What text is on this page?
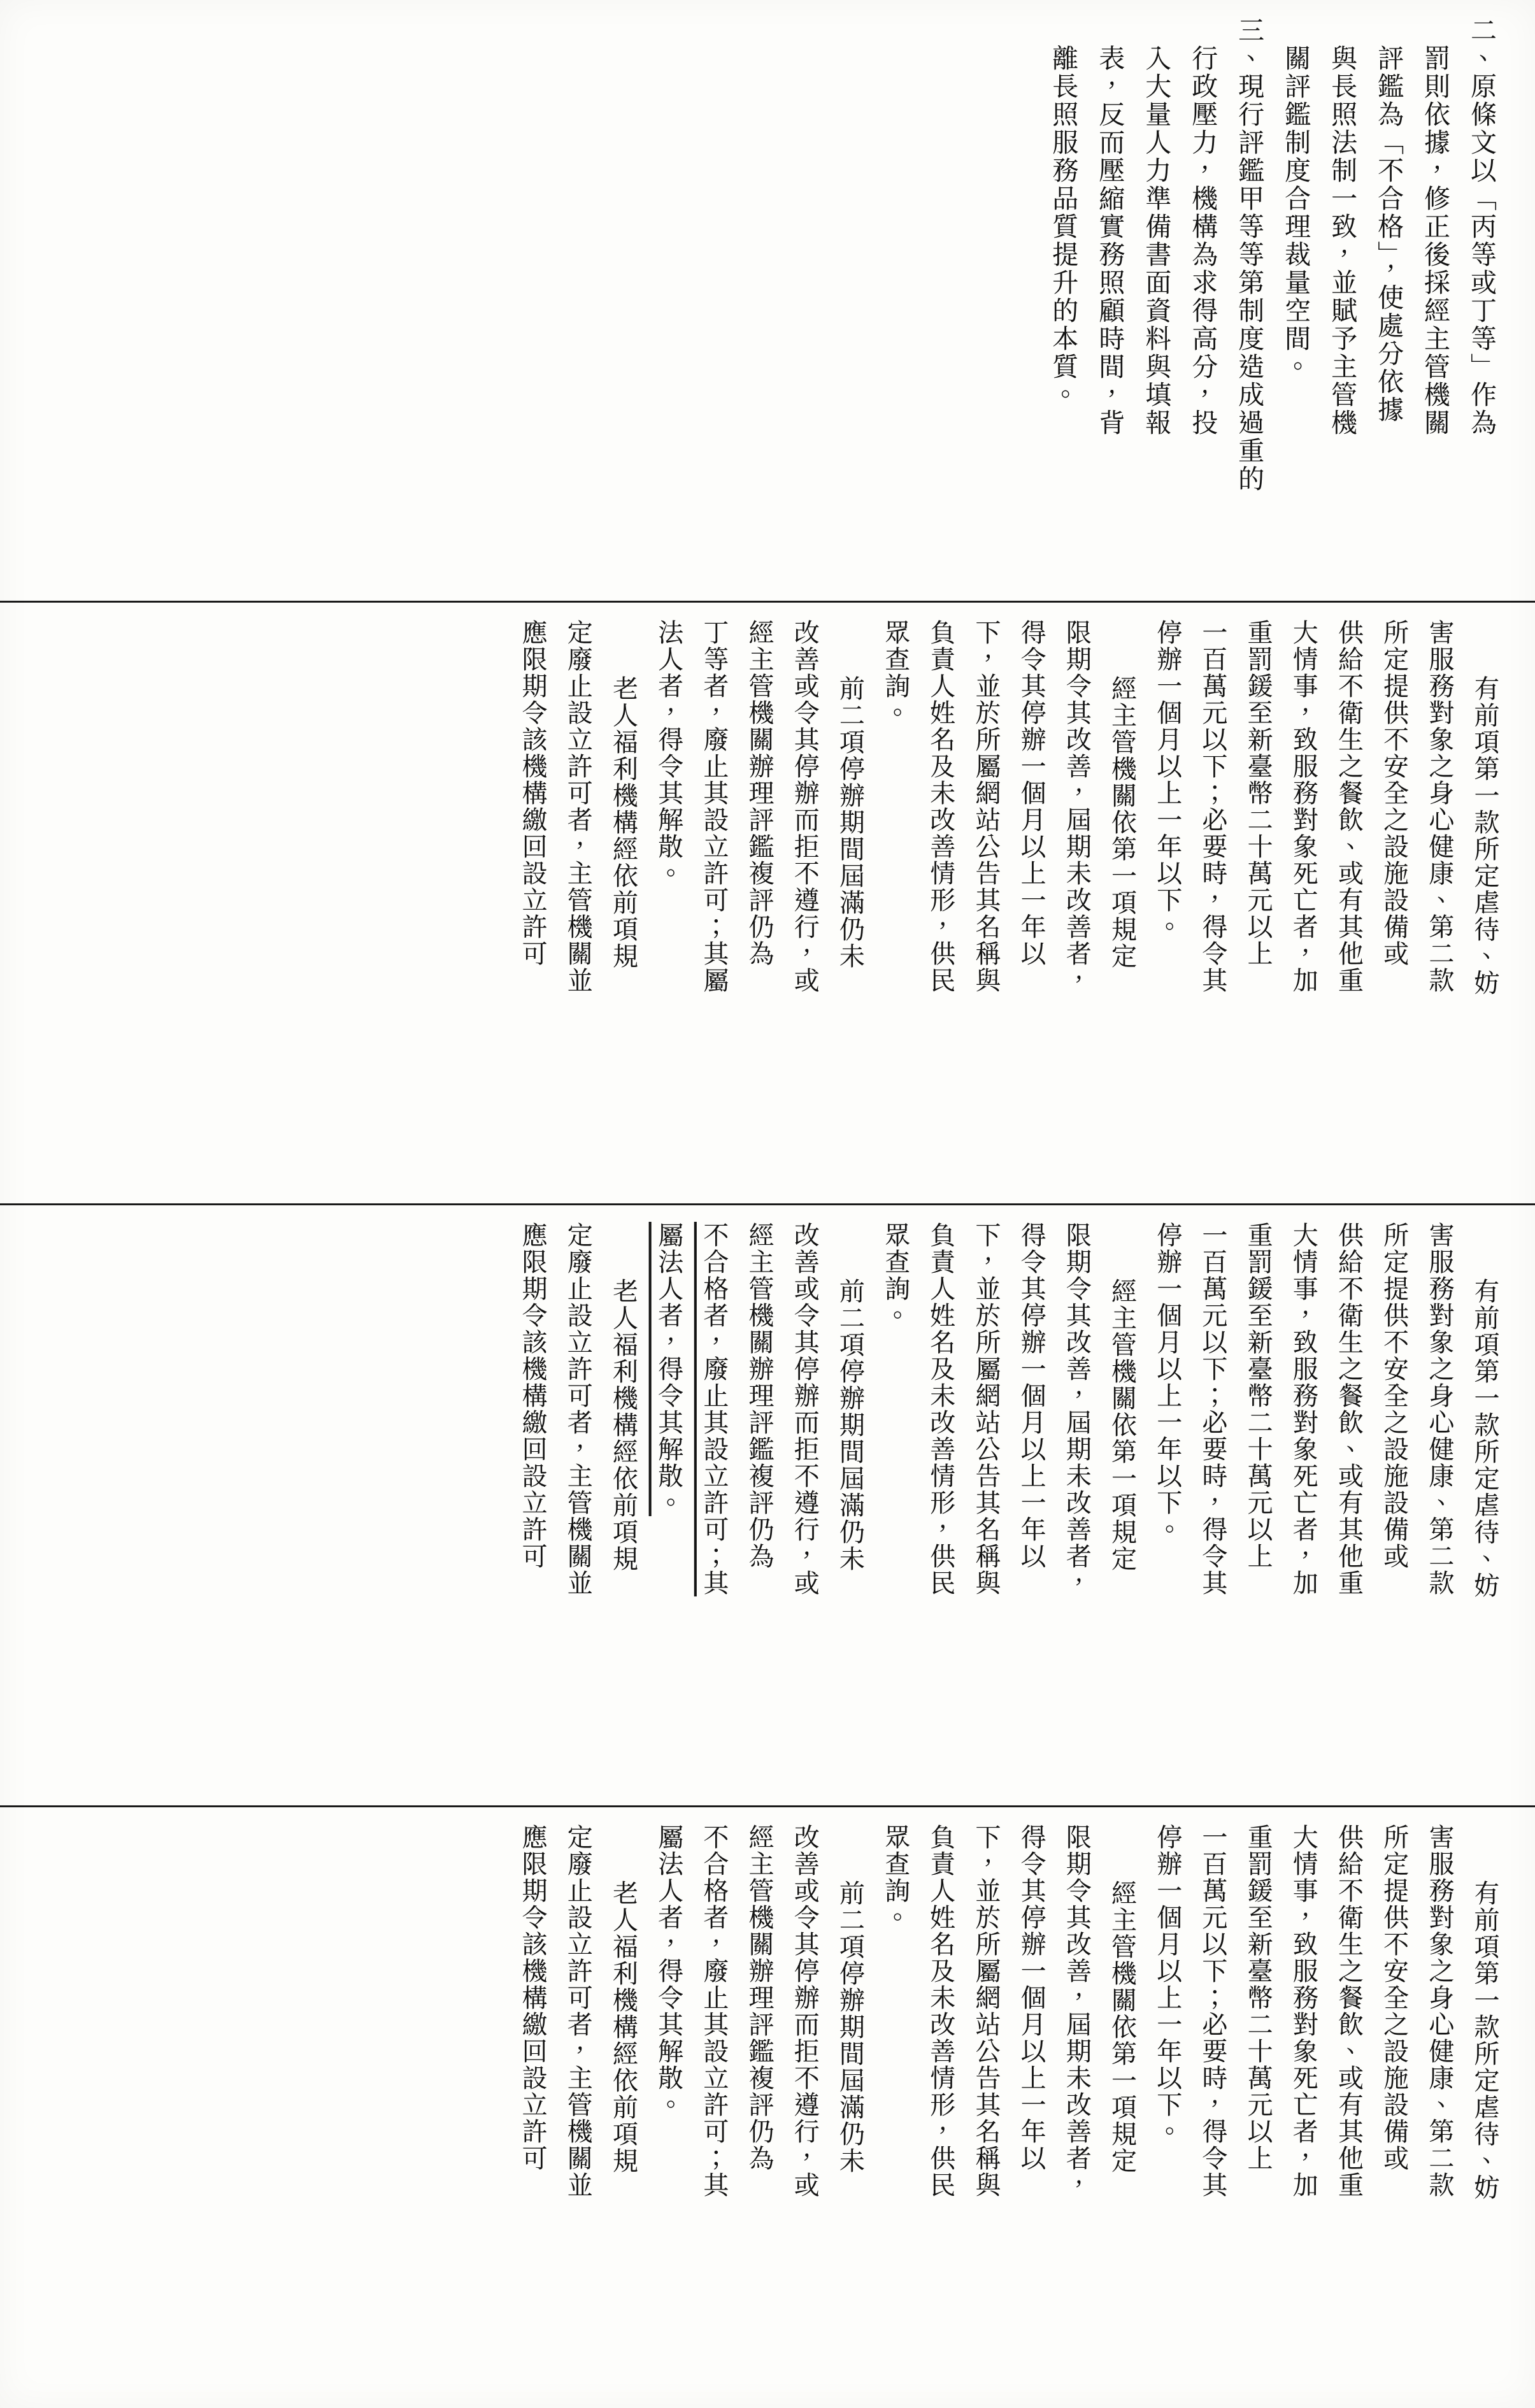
二、原條文以「丙等或丁等」作為
罰則依據，修正後採經主管機關
評鑑為「不合格」，使處分依據
與長照法制一致，並賦予主管機
關評鑑制度合理裁量空間。
三、現行評鑑甲等等第制度造成過重的
行政壓力，機構為求得高分，投
入大量人力準備書面資料與填報
表，反而壓縮實務照顧時間，背
離長照服務品質提升的本質。
有前項第一款所定虐待、妨
害服務對象之身心健康、第二款
所定提供不安全之設施設備或
供給不衛生之餐飲、或有其他重
大情事，致服務對象死亡者，加
重罰鍰至新臺幣二十萬元以上
一百萬元以下；必要時，得令其
停辦一個月以上一年以下。
經主管機關依第一項規定
限期令其改善，屆期未改善者，
得令其停辦一個月以上一年以
下，並於所屬網站公告其名稱與
負責人姓名及未改善情形，供民
眾查詢。
前二項停辦期間屆滿仍未
改善或令其停辦而拒不遵行，或
經主管機關辦理評鑑複評仍為
丁等者，廢止其設立許可；其屬
法人者，得令其解散。
老人福利機構經依前項規
定廢止設立許可者，主管機關並
應限期令該機構繳回設立許可
有前項第一款所定虐待、妨
害服務對象之身心健康、第二款
所定提供不安全之設施設備或
供給不衛生之餐飲、或有其他重
大情事，致服務對象死亡者，加
重罰鍰至新臺幣二十萬元以上
一百萬元以下；必要時，得令其
停辦一個月以上一年以下。
經主管機關依第一項規定
限期令其改善，屆期未改善者，
得令其停辦一個月以上一年以
下，並於所屬網站公告其名稱與
負責人姓名及未改善情形，供民
眾查詢。
前二項停辦期間屆滿仍未
改善或令其停辦而拒不遵行，或
經主管機關辦理評鑑複評仍為
不合格者，廢止其設立許可；其
屬法人者，得令其解散。
老人福利機構經依前項規
定廢止設立許可者，主管機關並
應限期令該機構繳回設立許可
有前項第一款所定虐待、妨
害服務對象之身心健康、第二款
所定提供不安全之設施設備或
供給不衛生之餐飲、或有其他重
大情事，致服務對象死亡者，加
重罰鍰至新臺幣二十萬元以上
一百萬元以下；必要時，得令其
停辦一個月以上一年以下。
經主管機關依第一項規定
限期令其改善，屆期未改善者，
得令其停辦一個月以上一年以
下，並於所屬網站公告其名稱與
負責人姓名及未改善情形，供民
眾查詢。
前二項停辦期間屆滿仍未
改善或令其停辦而拒不遵行，或
經主管機關辦理評鑑複評仍為
不合格者，廢止其設立許可；其
屬法人者，得令其解散。
老人福利機構經依前項規
定廢止設立許可者，主管機關並
應限期令該機構繳回設立許可
